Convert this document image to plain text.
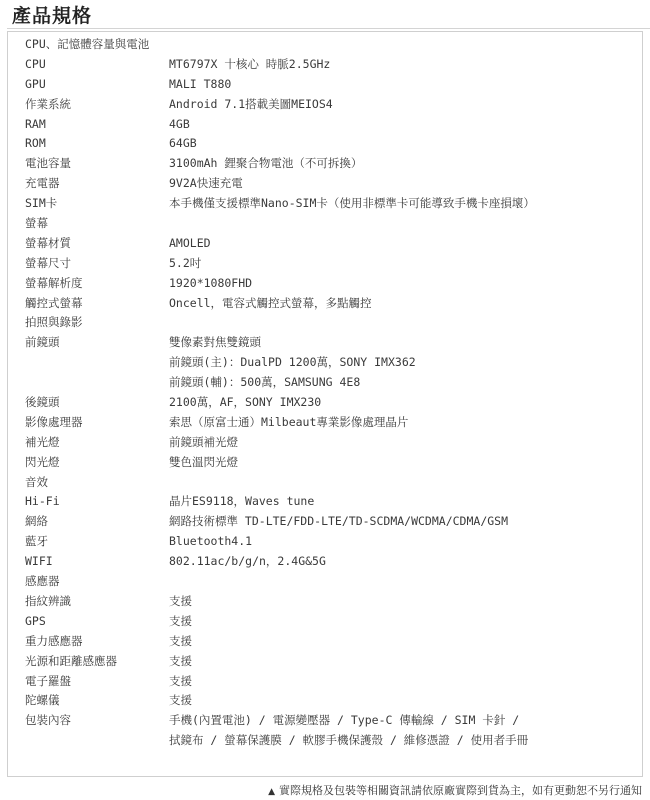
產品規格
CPU、記憶體容量與電池
CPU	MT6797X 十核心 時脈2.5GHz
GPU	MALI T880
作業系統	Android 7.1搭載美圖MEIOS4
RAM	4GB
ROM	64GB
電池容量	3100mAh 鋰聚合物電池（不可拆換）
充電器	9V2A快速充電
SIM卡	本手機僅支援標準Nano-SIM卡（使用非標準卡可能導致手機卡座損壞）
螢幕
螢幕材質	AMOLED
螢幕尺寸	5.2吋
螢幕解析度	1920*1080FHD
觸控式螢幕	Oncell，電容式觸控式螢幕，多點觸控
拍照與錄影
前鏡頭	雙像素對焦雙鏡頭
前鏡頭(主)：DualPD 1200萬，SONY IMX362
前鏡頭(輔)：500萬，SAMSUNG 4E8
後鏡頭	2100萬，AF，SONY IMX230
影像處理器	索思（原富士通）Milbeaut專業影像處理晶片
補光燈	前鏡頭補光燈
閃光燈	雙色溫閃光燈
音效
Hi-Fi	晶片ES9118，Waves tune
網絡	網路技術標準 TD-LTE/FDD-LTE/TD-SCDMA/WCDMA/CDMA/GSM
藍牙	Bluetooth4.1
WIFI	802.11ac/b/g/n，2.4G&5G
感應器
指紋辨識	支援
GPS	支援
重力感應器	支援
光源和距離感應器	支援
電子羅盤	支援
陀螺儀	支援
包裝內容	手機(內置電池) / 電源變壓器 / Type-C 傳輸線 / SIM 卡針 /
拭鏡布 / 螢幕保護膜 / 軟膠手機保護殼 / 維修憑證 / 使用者手冊
▲ 實際規格及包裝等相關資訊請依原廠實際到貨為主，如有更動恕不另行通知
